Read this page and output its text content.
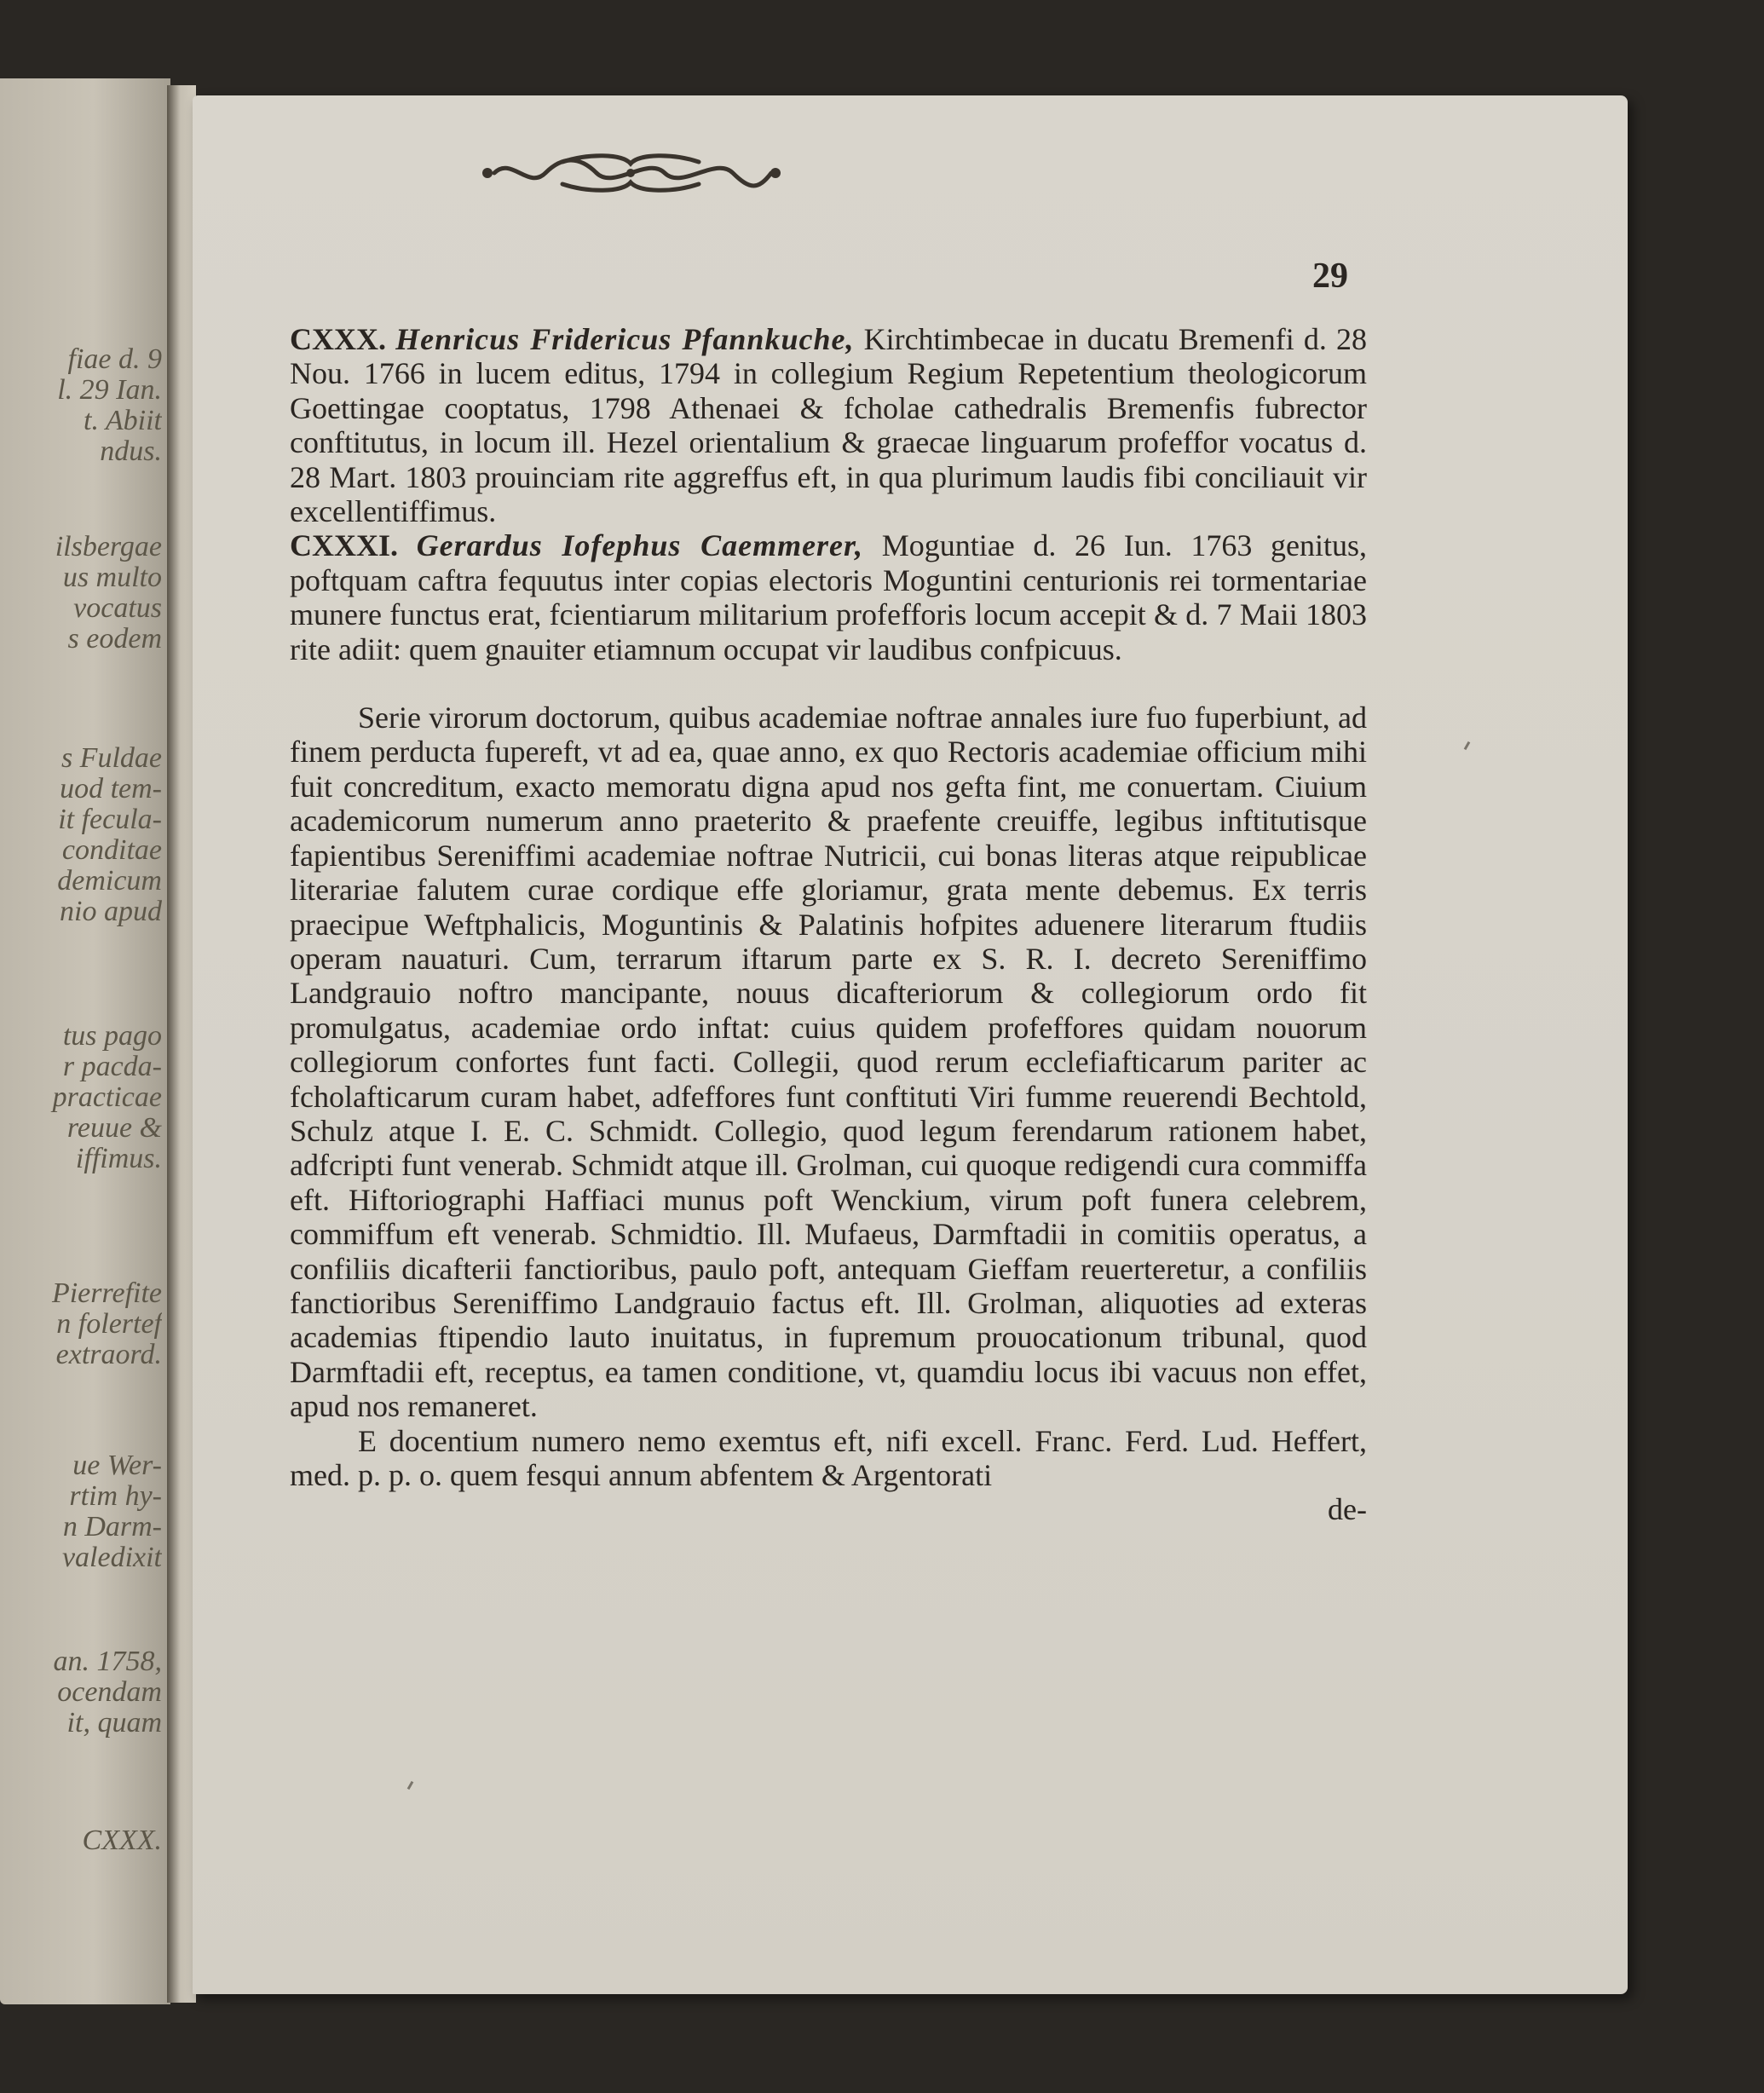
fiae d. 9
l. 29 Ian.
t. Abiit
ndus.
ilsbergae
us multo
vocatus
s eodem
s Fuldae
uod tem-
it fecula-
conditae
demicum
nio apud
tus pago
r pacda-
practicae
reuue &
iffimus.
Pierrefite
n folertef
extraord.
ue Wer-
rtim hy-
n Darm-
valedixit
an. 1758,
ocendam
it, quam
CXXX.
29

CXXX. Henricus Fridericus Pfannkuche, Kirchtimbecae in ducatu Bremenfi d. 28 Nou. 1766 in lucem editus, 1794 in collegium Regium Repetentium theologicorum Goettingae cooptatus, 1798 Athenaei & fcholae cathedralis Bremenfis fubrector conftitutus, in locum ill. Hezel orientalium & graecae linguarum profeffor vocatus d. 28 Mart. 1803 prouinciam rite aggreffus eft, in qua plurimum laudis fibi conciliauit vir excellentiffimus.

CXXXI. Gerardus Iofephus Caemmerer, Moguntiae d. 26 Iun. 1763 genitus, poftquam caftra fequutus inter copias electoris Moguntini centurionis rei tormentariae munere functus erat, fcientiarum militarium profefforis locum accepit & d. 7 Maii 1803 rite adiit: quem gnauiter etiamnum occupat vir laudibus confpicuus.

Serie virorum doctorum, quibus academiae noftrae annales iure fuo fuperbiunt, ad finem perducta fupereft, vt ad ea, quae anno, ex quo Rectoris academiae officium mihi fuit concreditum, exacto memoratu digna apud nos gefta fint, me conuertam. Ciuium academicorum numerum anno praeterito & praefente creuiffe, legibus inftitutisque fapientibus Sereniffimi academiae noftrae Nutricii, cui bonas literas atque reipublicae literariae falutem curae cordique effe gloriamur, grata mente debemus. Ex terris praecipue Weftphalicis, Moguntinis & Palatinis hofpites aduenere literarum ftudiis operam nauaturi. Cum, terrarum iftarum parte ex S. R. I. decreto Sereniffimo Landgrauio noftro mancipante, nouus dicafteriorum & collegiorum ordo fit promulgatus, academiae ordo inftat: cuius quidem profeffores quidam nouorum collegiorum confortes funt facti. Collegii, quod rerum ecclefiafticarum pariter ac fcholafticarum curam habet, adfeffores funt conftituti Viri fumme reuerendi Bechtold, Schulz atque I. E. C. Schmidt. Collegio, quod legum ferendarum rationem habet, adfcripti funt venerab. Schmidt atque ill. Grolman, cui quoque redigendi cura commiffa eft. Hiftoriographi Haffiaci munus poft Wenckium, virum poft funera celebrem, commiffum eft venerab. Schmidtio. Ill. Mufaeus, Darmftadii in comitiis operatus, a confiliis dicafterii fanctioribus, paulo poft, antequam Gieffam reuerteretur, a confiliis fanctioribus Sereniffimo Landgrauio factus eft. Ill. Grolman, aliquoties ad exteras academias ftipendio lauto inuitatus, in fupremum prouocationum tribunal, quod Darmftadii eft, receptus, ea tamen conditione, vt, quamdiu locus ibi vacuus non effet, apud nos remaneret.

E docentium numero nemo exemtus eft, nifi excell. Franc. Ferd. Lud. Heffert, med. p. p. o. quem fesqui annum abfentem & Argentorati

de-
